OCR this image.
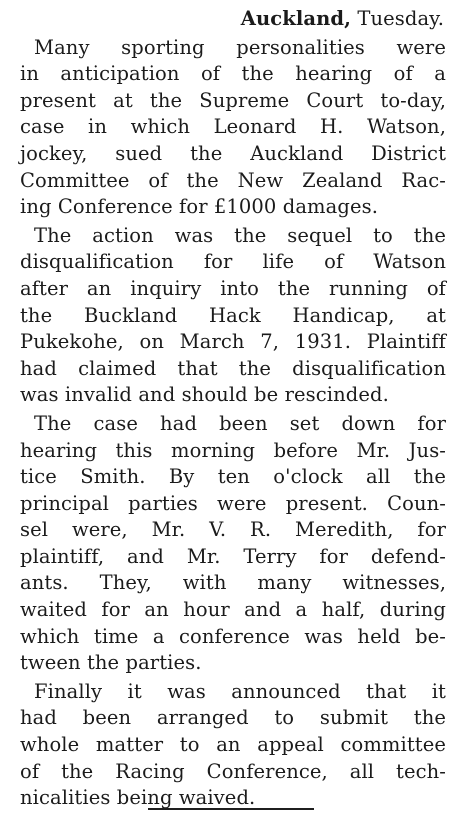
Auckland, Tuesday.
Many sporting personalities were
in anticipation of the hearing of a
present at the Supreme Court to-day,
case in which Leonard H. Watson,
jockey, sued the Auckland District
Committee of the New Zealand Rac-
ing Conference for £1000 damages.
The action was the sequel to the
disqualification for life of Watson
after an inquiry into the running of
the Buckland Hack Handicap, at
Pukekohe, on March 7, 1931. Plaintiff
had claimed that the disqualification
was invalid and should be rescinded.
The case had been set down for
hearing this morning before Mr. Jus-
tice Smith. By ten o'clock all the
principal parties were present. Coun-
sel were, Mr. V. R. Meredith, for
plaintiff, and Mr. Terry for defend-
ants. They, with many witnesses,
waited for an hour and a half, during
which time a conference was held be-
tween the parties.
Finally it was announced that it
had been arranged to submit the
whole matter to an appeal committee
of the Racing Conference, all tech-
nicalities being waived.
